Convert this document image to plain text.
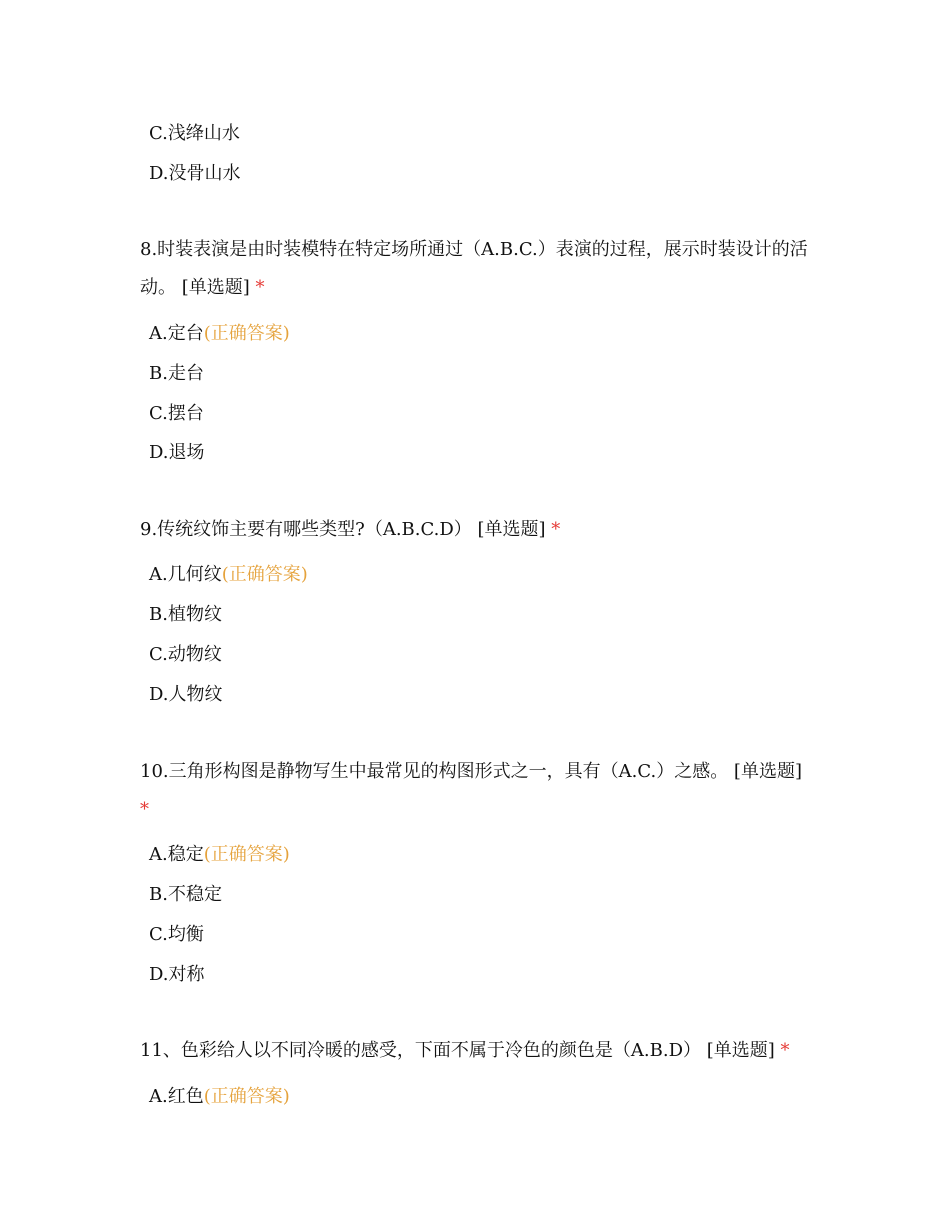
C.浅绛山水
D.没骨山水
8.时装表演是由时装模特在特定场所通过（A.B.C.）表演的过程，展示时装设计的活动。 [单选题] *
A.定台(正确答案)
B.走台
C.摆台
D.退场
9.传统纹饰主要有哪些类型?（A.B.C.D） [单选题] *
A.几何纹(正确答案)
B.植物纹
C.动物纹
D.人物纹
10.三角形构图是静物写生中最常见的构图形式之一，具有（A.C.）之感。 [单选题] *
A.稳定(正确答案)
B.不稳定
C.均衡
D.对称
11、色彩给人以不同冷暖的感受，下面不属于冷色的颜色是（A.B.D） [单选题] *
A.红色(正确答案)
